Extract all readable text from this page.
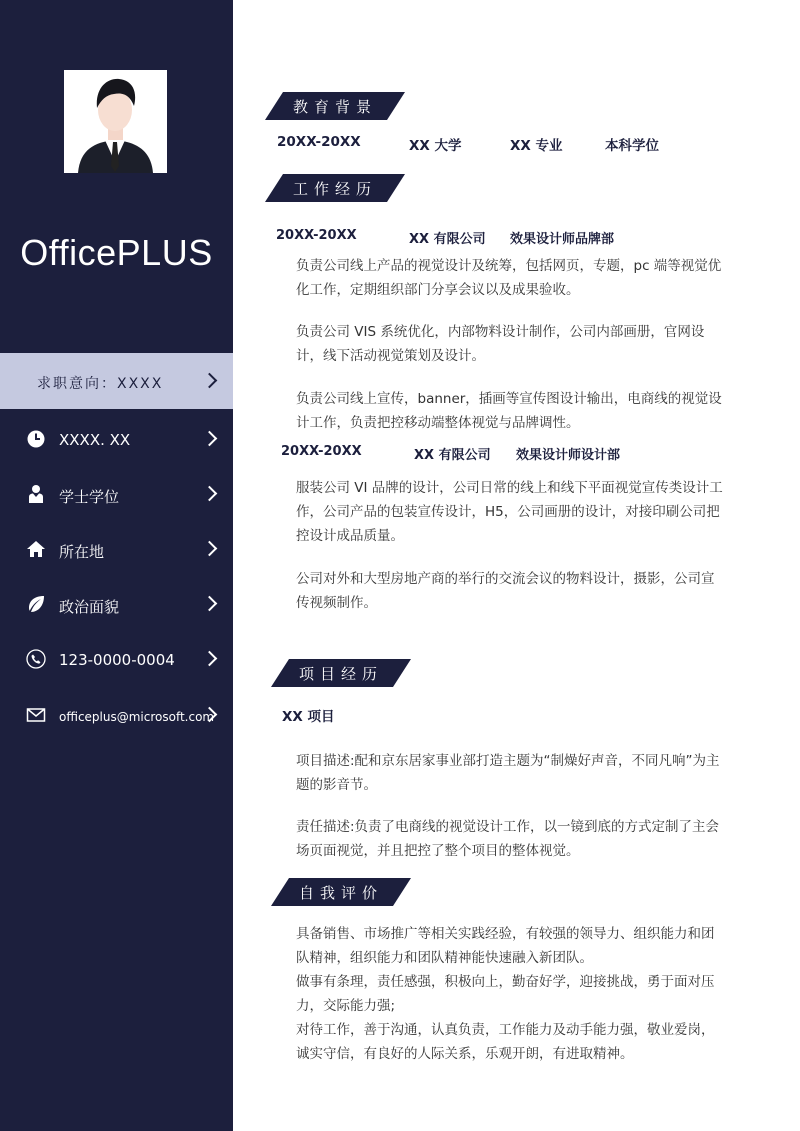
OfficePLUS
求职意向：XXXX
XXXX. XX
学士学位
所在地
政治面貌
123-0000-0004
officeplus@microsoft.com
教育背景
20XX-20XX	XX 大学	XX 专业	本科学位
工作经历
20XX-20XX	XX 有限公司 效果设计师品牌部
负责公司线上产品的视觉设计及统筹，包括网页，专题，pc 端等视觉优化工作，定期组织部门分享会议以及成果验收。
负责公司 VIS 系统优化，内部物料设计制作，公司内部画册，官网设计，线下活动视觉策划及设计。
负责公司线上宣传，banner，插画等宣传图设计输出，电商线的视觉设计工作，负责把控移动端整体视觉与品牌调性。
20XX-20XX	XX 有限公司 效果设计师设计部
服装公司 VI 品牌的设计，公司日常的线上和线下平面视觉宣传类设计工作，公司产品的包装宣传设计，H5，公司画册的设计，对接印刷公司把控设计成品质量。
公司对外和大型房地产商的举行的交流会议的物料设计，摄影，公司宣传视频制作。
项目经历
XX 项目
项目描述:配和京东居家事业部打造主题为“制燥好声音，不同凡响”为主题的影音节。
责任描述:负责了电商线的视觉设计工作，以一镜到底的方式定制了主会场页面视觉，并且把控了整个项目的整体视觉。
自我评价
具备销售、市场推广等相关实践经验，有较强的领导力、组织能力和团队精神，组织能力和团队精神能快速融入新团队。
做事有条理，责任感强，积极向上，勤奋好学，迎接挑战，勇于面对压力，交际能力强;
对待工作，善于沟通，认真负责，工作能力及动手能力强，敬业爱岗，诚实守信，有良好的人际关系，乐观开朗，有进取精神。
